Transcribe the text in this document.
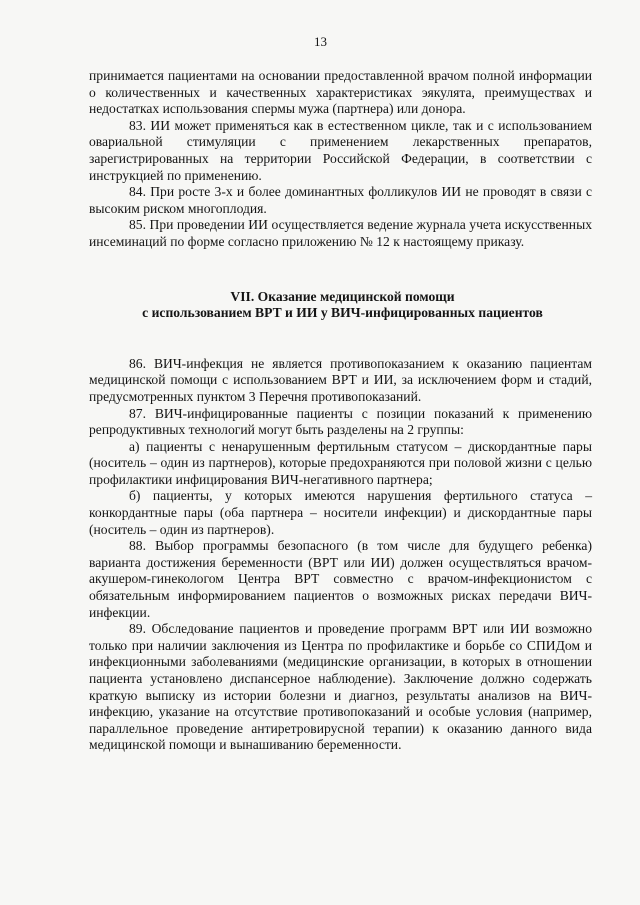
13

принимается пациентами на основании предоставленной врачом полной информации о количественных и качественных характеристиках эякулята, преимуществах и недостатках использования спермы мужа (партнера) или донора.

83. ИИ может применяться как в естественном цикле, так и с использованием овариальной стимуляции с применением лекарственных препаратов, зарегистрированных на территории Российской Федерации, в соответствии с инструкцией по применению.

84. При росте 3-х и более доминантных фолликулов ИИ не проводят в связи с высоким риском многоплодия.

85. При проведении ИИ осуществляется ведение журнала учета искусственных инсеминаций по форме согласно приложению № 12 к настоящему приказу.

VII. Оказание медицинской помощи
с использованием ВРТ и ИИ у ВИЧ-инфицированных пациентов

86. ВИЧ-инфекция не является противопоказанием к оказанию пациентам медицинской помощи с использованием ВРТ и ИИ, за исключением форм и стадий, предусмотренных пунктом 3 Перечня противопоказаний.

87. ВИЧ-инфицированные пациенты с позиции показаний к применению репродуктивных технологий могут быть разделены на 2 группы:

а) пациенты с ненарушенным фертильным статусом – дискордантные пары (носитель – один из партнеров), которые предохраняются при половой жизни с целью профилактики инфицирования ВИЧ-негативного партнера;

б) пациенты, у которых имеются нарушения фертильного статуса – конкордантные пары (оба партнера – носители инфекции) и дискордантные пары (носитель – один из партнеров).

88. Выбор программы безопасного (в том числе для будущего ребенка) варианта достижения беременности (ВРТ или ИИ) должен осуществляться врачом-акушером-гинекологом Центра ВРТ совместно с врачом-инфекционистом с обязательным информированием пациентов о возможных рисках передачи ВИЧ-инфекции.

89. Обследование пациентов и проведение программ ВРТ или ИИ возможно только при наличии заключения из Центра по профилактике и борьбе со СПИДом и инфекционными заболеваниями (медицинские организации, в которых в отношении пациента установлено диспансерное наблюдение). Заключение должно содержать краткую выписку из истории болезни и диагноз, результаты анализов на ВИЧ-инфекцию, указание на отсутствие противопоказаний и особые условия (например, параллельное проведение антиретровирусной терапии) к оказанию данного вида медицинской помощи и вынашиванию беременности.
